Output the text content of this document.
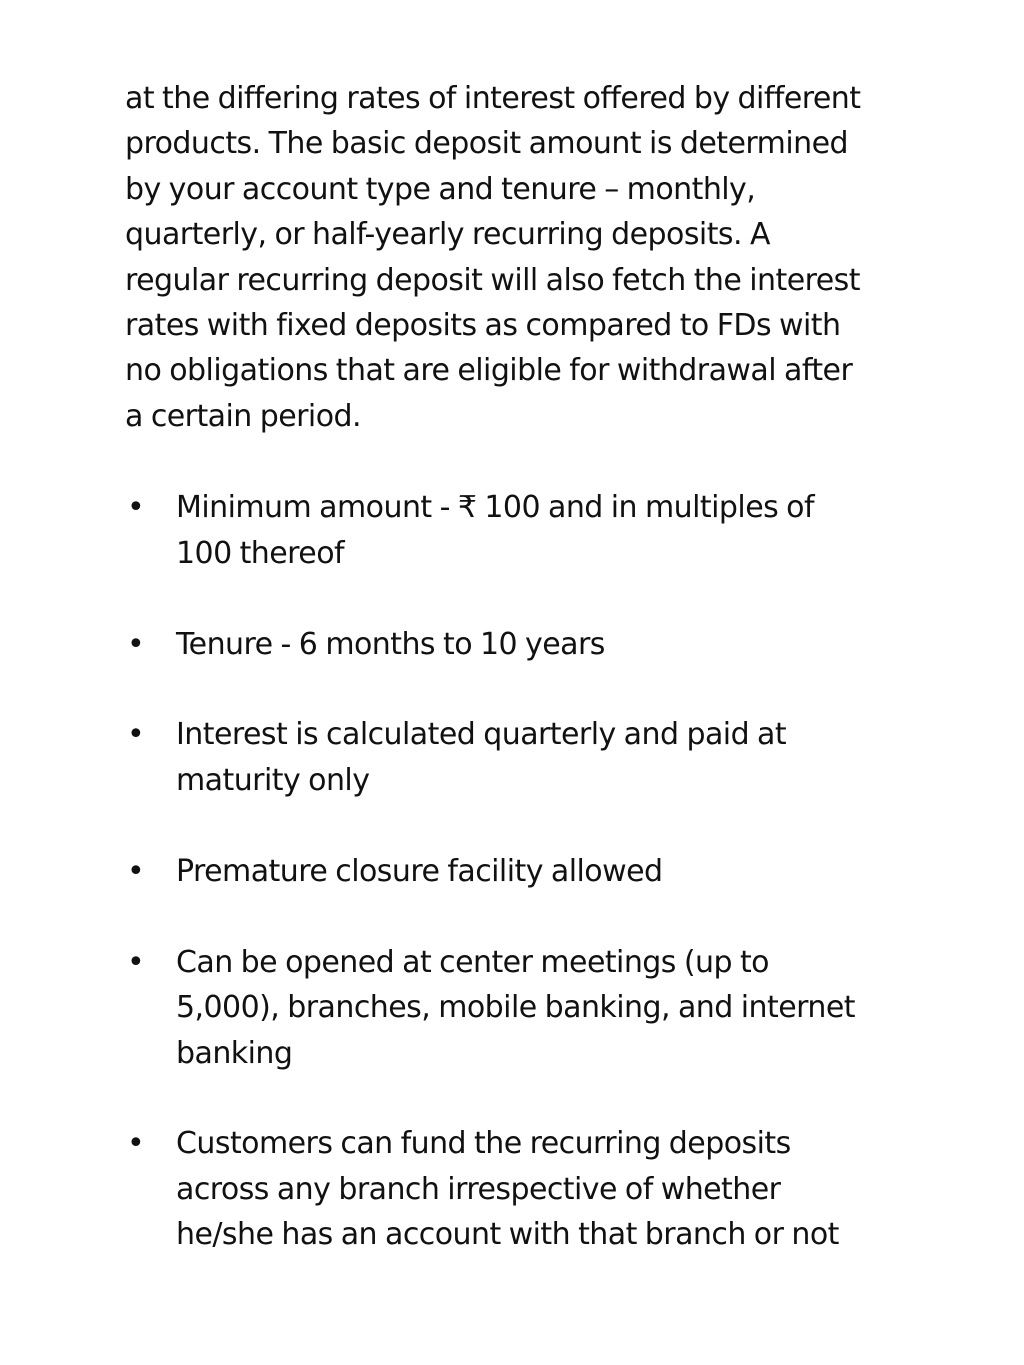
at the differing rates of interest offered by different products. The basic deposit amount is determined by your account type and tenure – monthly, quarterly, or half-yearly recurring deposits. A regular recurring deposit will also fetch the interest rates with fixed deposits as compared to FDs with no obligations that are eligible for withdrawal after a certain period.

• Minimum amount - ₹ 100 and in multiples of 100 thereof
• Tenure - 6 months to 10 years
• Interest is calculated quarterly and paid at maturity only
• Premature closure facility allowed
• Can be opened at center meetings (up to 5,000), branches, mobile banking, and internet banking
• Customers can fund the recurring deposits across any branch irrespective of whether he/she has an account with that branch or not
